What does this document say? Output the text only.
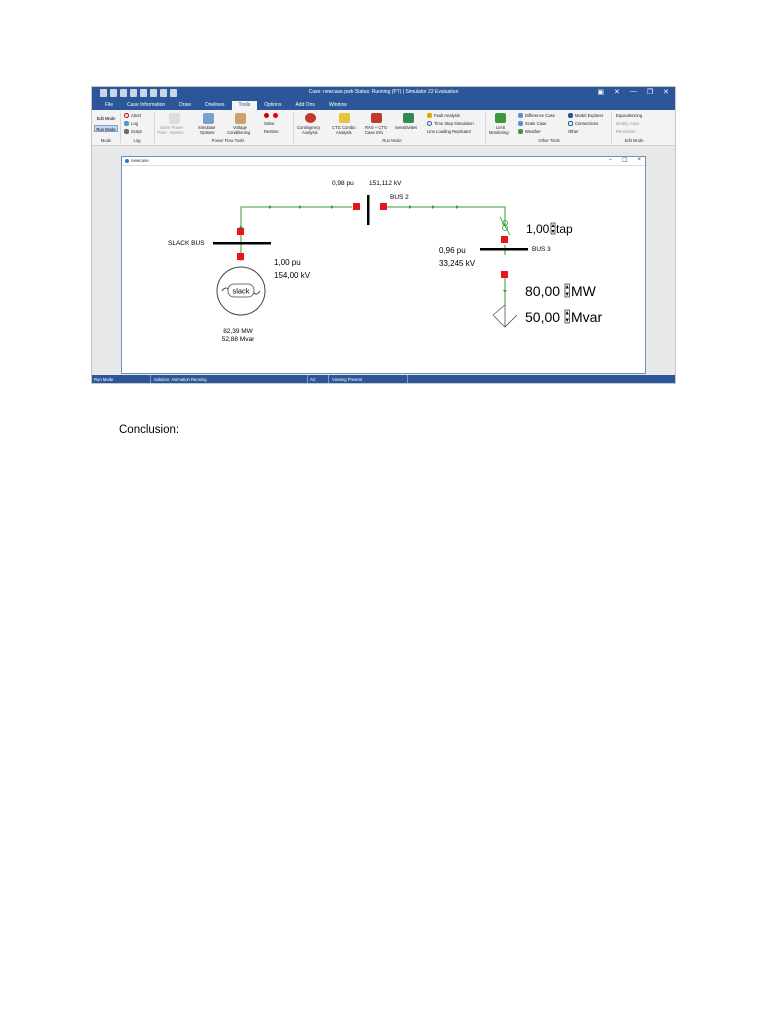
Case: newcase.pwb Status: Running (PT) | Simulator 22 Evaluation	▣ ✕ — ❐ ✕
File	Case Information	Draw	Onelines	Tools	Options	Add Ons	Window
Edit Mode
Run Mode
Mode
Abort
Log
Script
Log
Solve Power
Flow - Newton
Simulator
Options
Voltage
Conditioning
Solve
Restore
Power Flow Tools
Contingency
Analysis
CTG Combo
Analysis
RAS + CTG
Case Info
Sensitivities
Fault Analysis
Time Step Simulation
Line Loading Replicator
Run Mode
Limit
Monitoring
Difference Case
Scale Case
Weather
Model Explorer
Connections
Other
Other Tools
Equivalencing
Modify Case
Renumber
Edit Mode
newcase	− ☐ ×
slack
SLACK BUS
1,00 pu
154,00 kV
82,39 MW
52,88 Mvar
0,98 pu 151,112 kV
BUS 2
0,96 pu
33,245 kV
BUS 3
1,00 tap
80,00 MW
50,00 Mvar
Run Mode	Solution: Animation Running	AC	Viewing Present
Conclusion:
